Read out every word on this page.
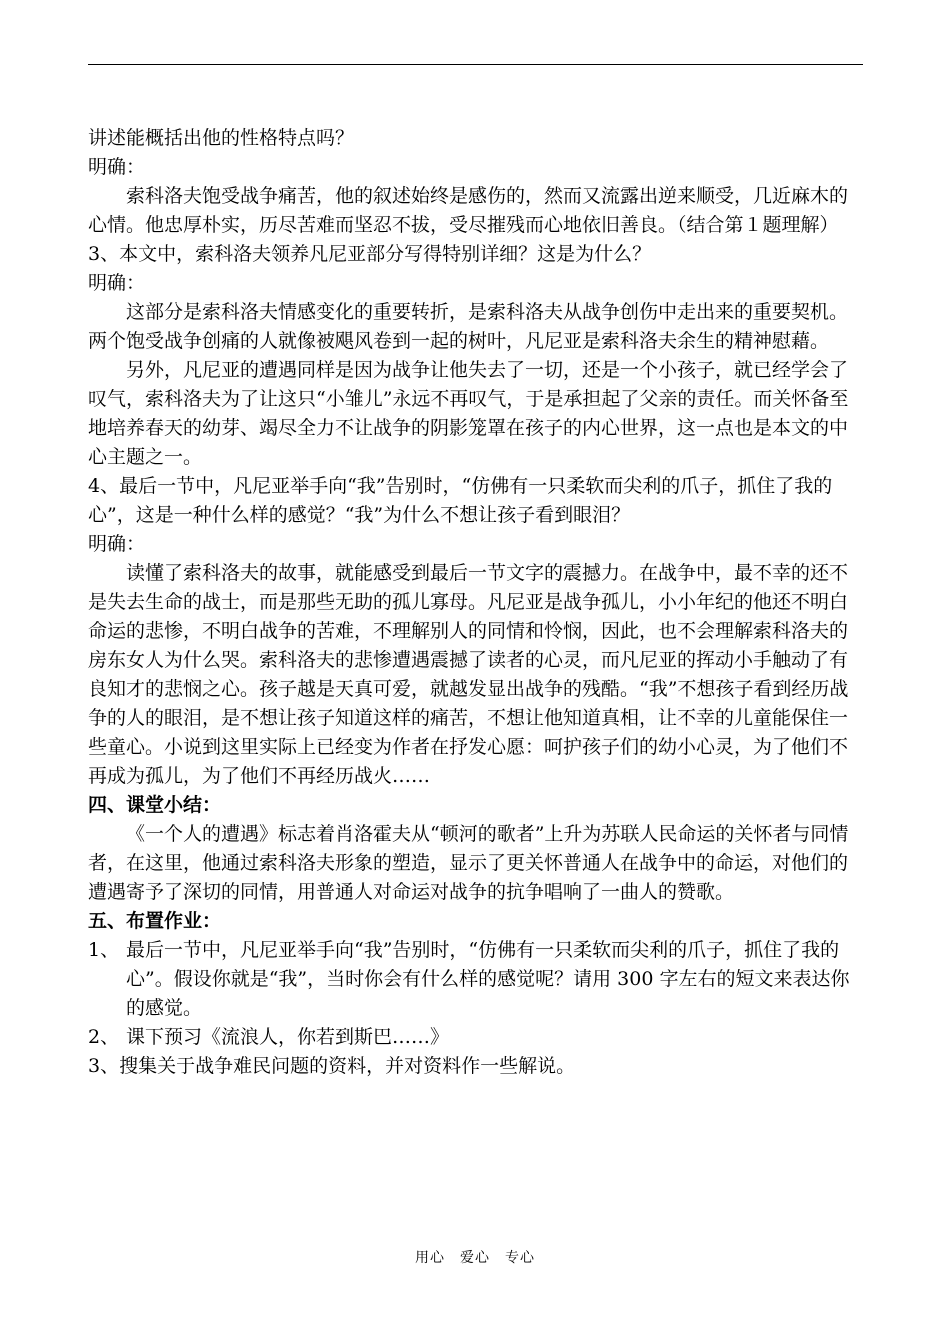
讲述能概括出他的性格特点吗？

明确：

索科洛夫饱受战争痛苦，他的叙述始终是感伤的，然而又流露出逆来顺受，几近麻木的心情。他忠厚朴实，历尽苦难而坚忍不拔，受尽摧残而心地依旧善良。（结合第１题理解）

3、本文中，索科洛夫领养凡尼亚部分写得特别详细？这是为什么？

明确：

这部分是索科洛夫情感变化的重要转折，是索科洛夫从战争创伤中走出来的重要契机。两个饱受战争创痛的人就像被飓风卷到一起的树叶，凡尼亚是索科洛夫余生的精神慰藉。

另外，凡尼亚的遭遇同样是因为战争让他失去了一切，还是一个小孩子，就已经学会了叹气，索科洛夫为了让这只“小雏儿”永远不再叹气，于是承担起了父亲的责任。而关怀备至地培养春天的幼芽、竭尽全力不让战争的阴影笼罩在孩子的内心世界，这一点也是本文的中心主题之一。

4、最后一节中，凡尼亚举手向“我”告别时，“仿佛有一只柔软而尖利的爪子，抓住了我的心”，这是一种什么样的感觉？“我”为什么不想让孩子看到眼泪？

明确：

读懂了索科洛夫的故事，就能感受到最后一节文字的震撼力。在战争中，最不幸的还不是失去生命的战士，而是那些无助的孤儿寡母。凡尼亚是战争孤儿，小小年纪的他还不明白命运的悲惨，不明白战争的苦难，不理解别人的同情和怜悯，因此，也不会理解索科洛夫的房东女人为什么哭。索科洛夫的悲惨遭遇震撼了读者的心灵，而凡尼亚的挥动小手触动了有良知才的悲悯之心。孩子越是天真可爱，就越发显出战争的残酷。“我”不想孩子看到经历战争的人的眼泪，是不想让孩子知道这样的痛苦，不想让他知道真相，让不幸的儿童能保住一些童心。小说到这里实际上已经变为作者在抒发心愿：呵护孩子们的幼小心灵，为了他们不再成为孤儿，为了他们不再经历战火……

四、课堂小结：

《一个人的遭遇》标志着肖洛霍夫从“顿河的歌者”上升为苏联人民命运的关怀者与同情者，在这里，他通过索科洛夫形象的塑造，显示了更关怀普通人在战争中的命运，对他们的遭遇寄予了深切的同情，用普通人对命运对战争的抗争唱响了一曲人的赞歌。

五、布置作业：

1、 最后一节中，凡尼亚举手向“我”告别时，“仿佛有一只柔软而尖利的爪子，抓住了我的心”。假设你就是“我”，当时你会有什么样的感觉呢？请用 300 字左右的短文来表达你的感觉。
2、 课下预习《流浪人，你若到斯巴……》

3、搜集关于战争难民问题的资料，并对资料作一些解说。

用心　爱心　专心
